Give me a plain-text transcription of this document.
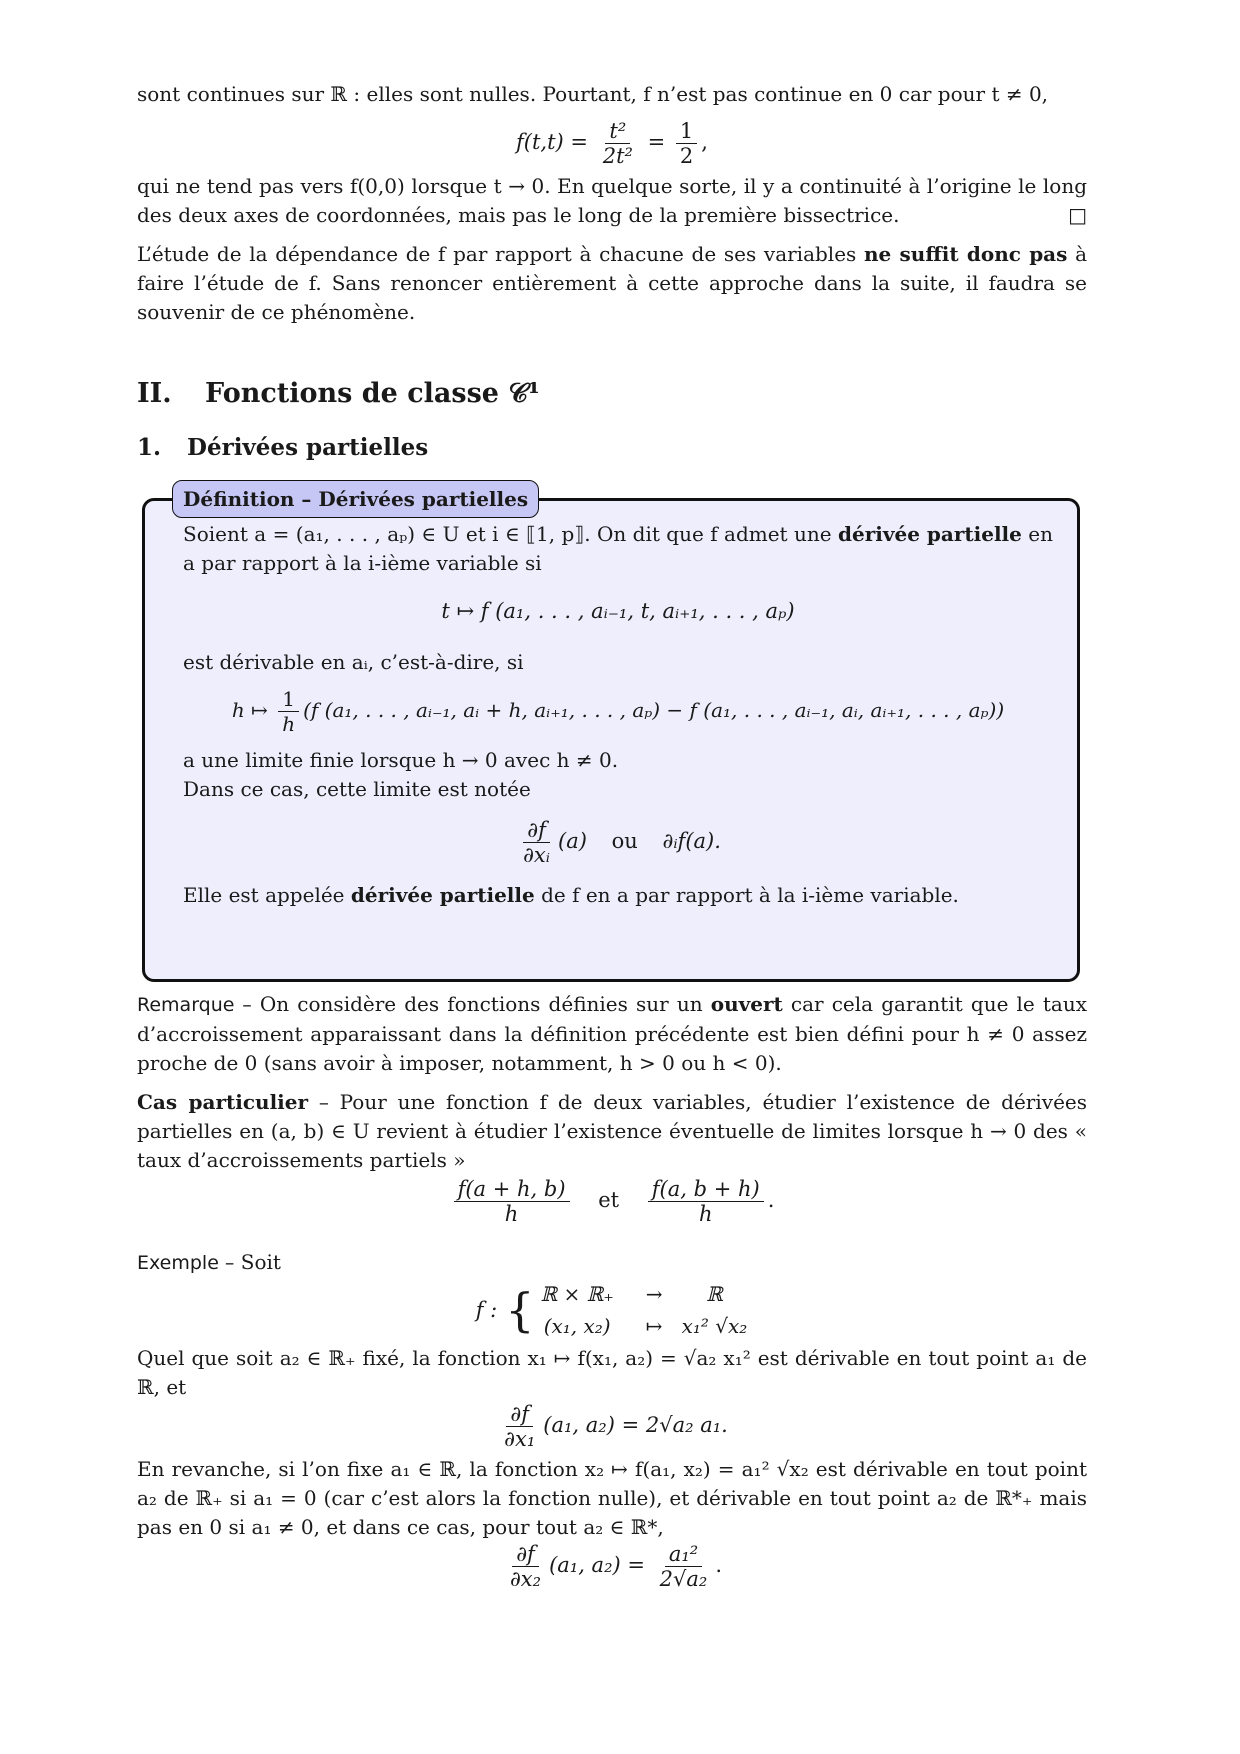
sont continues sur ℝ : elles sont nulles. Pourtant, f n’est pas continue en 0 car pour t ≠ 0,

$f(t,t) = \frac{\text{t²}}{\text{2t²}} = \frac{1}{2}$ ,

qui ne tend pas vers f(0,0) lorsque t → 0. En quelque sorte, il y a continuité à l’origine le long des deux axes de coordonnées, mais pas le long de la première bissectrice.	□

L’étude de la dépendance de f par rapport à chacune de ses variables ne suffit donc pas à faire l’étude de f. Sans renoncer entièrement à cette approche dans la suite, il faudra se souvenir de ce phénomène.

II. Fonctions de classe 𝒞¹
1. Dérivées partielles
Définition – Dérivées partielles

Soient a = (a₁, . . . , aₚ) ∈ U et i ∈ ⟦1, p⟧. On dit que f admet une dérivée partielle en a par rapport à la i-ième variable si

t ↦ f (a₁, . . . , aᵢ₋₁, t, aᵢ₊₁, . . . , aₚ)

est dérivable en aᵢ, c’est-à-dire, si

h ↦ $\frac{1}{h} (f$ (a₁, . . . , aᵢ₋₁, aᵢ + h, aᵢ₊₁, . . . , aₚ) − f (a₁, . . . , aᵢ₋₁, aᵢ, aᵢ₊₁, . . . , aₚ))

a une limite finie lorsque h → 0 avec h ≠ 0.

Dans ce cas, cette limite est notée

$\frac{\partial f}{\text{∂xᵢ}} (a)$ ou ∂ᵢf(a).

Elle est appelée dérivée partielle de f en a par rapport à la i-ième variable.

Remarque – On considère des fonctions définies sur un ouvert car cela garantit que le taux d’accroissement apparaissant dans la définition précédente est bien défini pour h ≠ 0 assez proche de 0 (sans avoir à imposer, notamment, h > 0 ou h < 0).

Cas particulier – Pour une fonction f de deux variables, étudier l’existence de dérivées partielles en (a, b) ∈ U revient à étudier l’existence éventuelle de limites lorsque h → 0 des « taux d’accroissements partiels »

$\frac{f(a + h, b)}{h}$ et $\frac{f(a, b + h)}{h}$ .

Exemple – Soit

f : { ℝ × ℝ₊	→	ℝ
(x₁, x₂)	↦	x₁² √x₂

Quel que soit a₂ ∈ ℝ₊ fixé, la fonction x₁ ↦ f(x₁, a₂) = √a₂ x₁² est dérivable en tout point a₁ de ℝ, et

$\frac{\partial f}{\text{∂x₁}} (a_1$, a₂) = 2√a₂ a₁.

En revanche, si l’on fixe a₁ ∈ ℝ, la fonction x₂ ↦ f(a₁, x₂) = a₁² √x₂ est dérivable en tout point a₂ de ℝ₊ si a₁ = 0 (car c’est alors la fonction nulle), et dérivable en tout point a₂ de ℝ*₊ mais pas en 0 si a₁ ≠ 0, et dans ce cas, pour tout a₂ ∈ ℝ*,

$\frac{\partial f}{\text{∂x₂}} (a_1$, $a_2) = \frac{\text{a₁²}}{\text{2√a₂}}$ .
